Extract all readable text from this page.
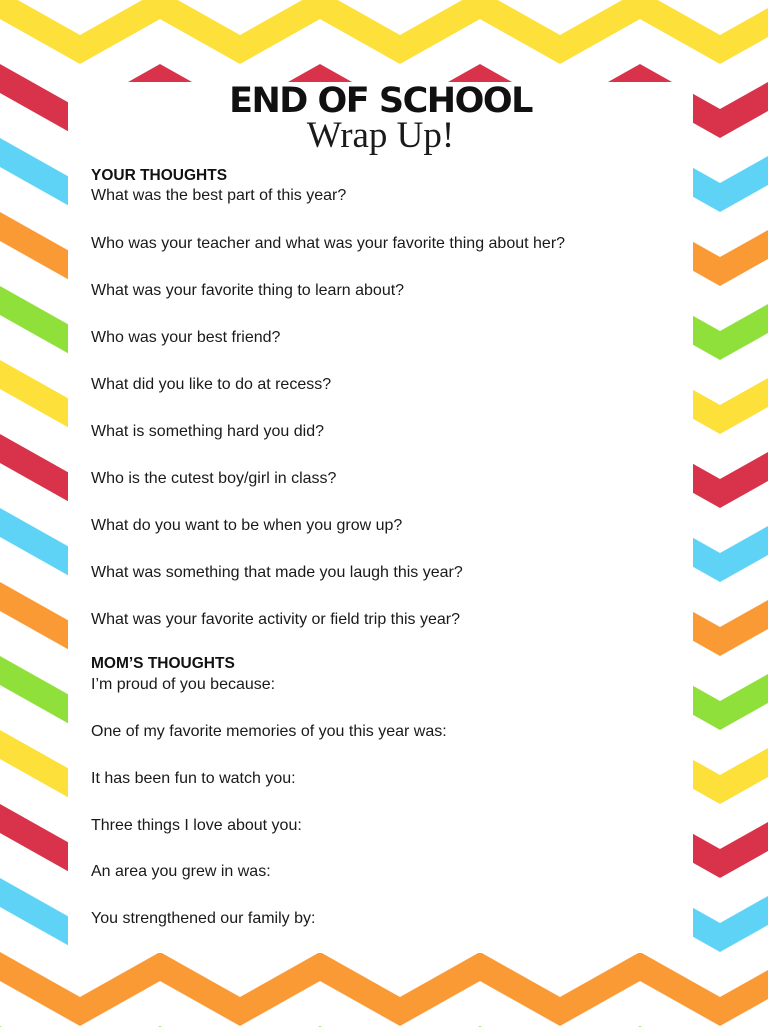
END OF SCHOOL
Wrap Up!
YOUR THOUGHTS
What was the best part of this year?
Who was your teacher and what was your favorite thing about her?
What was your favorite thing to learn about?
Who was your best friend?
What did you like to do at recess?
What is something hard you did?
Who is the cutest boy/girl in class?
What do you want to be when you grow up?
What was something that made you laugh this year?
What was your favorite activity or field trip this year?
MOM’S THOUGHTS
I’m proud of you because:
One of my favorite memories of you this year was:
It has been fun to watch you:
Three things I love about you:
An area you grew in was:
You strengthened our family by:
